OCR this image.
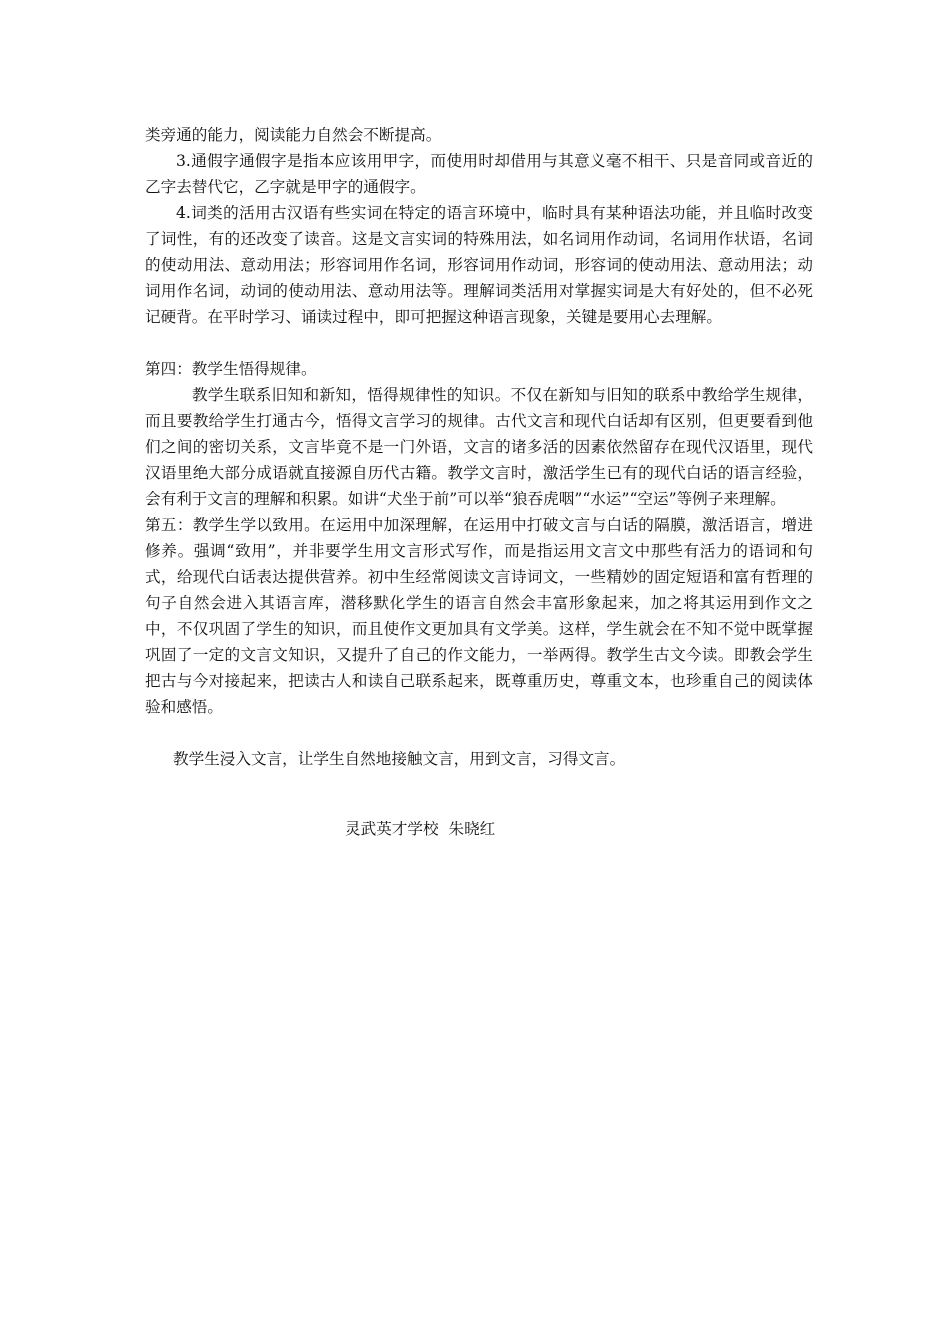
类旁通的能力，阅读能力自然会不断提高。

3.通假字通假字是指本应该用甲字，而使用时却借用与其意义毫不相干、只是音同或音近的乙字去替代它，乙字就是甲字的通假字。

4.词类的活用古汉语有些实词在特定的语言环境中，临时具有某种语法功能，并且临时改变了词性，有的还改变了读音。这是文言实词的特殊用法，如名词用作动词，名词用作状语，名词的使动用法、意动用法；形容词用作名词，形容词用作动词，形容词的使动用法、意动用法；动词用作名词，动词的使动用法、意动用法等。理解词类活用对掌握实词是大有好处的，但不必死记硬背。在平时学习、诵读过程中，即可把握这种语言现象，关键是要用心去理解。

第四：教学生悟得规律。

教学生联系旧知和新知，悟得规律性的知识。不仅在新知与旧知的联系中教给学生规律，而且要教给学生打通古今，悟得文言学习的规律。古代文言和现代白话却有区别，但更要看到他们之间的密切关系，文言毕竟不是一门外语，文言的诸多活的因素依然留存在现代汉语里，现代汉语里绝大部分成语就直接源自历代古籍。教学文言时，激活学生已有的现代白话的语言经验，会有利于文言的理解和积累。如讲“犬坐于前”可以举“狼吞虎咽”“水运”“空运”等例子来理解。

第五：教学生学以致用。在运用中加深理解，在运用中打破文言与白话的隔膜，激活语言，增进修养。强调“致用”，并非要学生用文言形式写作，而是指运用文言文中那些有活力的语词和句式，给现代白话表达提供营养。初中生经常阅读文言诗词文，一些精妙的固定短语和富有哲理的句子自然会进入其语言库，潜移默化学生的语言自然会丰富形象起来，加之将其运用到作文之中，不仅巩固了学生的知识，而且使作文更加具有文学美。这样，学生就会在不知不觉中既掌握巩固了一定的文言文知识，又提升了自己的作文能力，一举两得。教学生古文今读。即教会学生把古与今对接起来，把读古人和读自己联系起来，既尊重历史，尊重文本，也珍重自己的阅读体验和感悟。

教学生浸入文言，让学生自然地接触文言，用到文言，习得文言。

灵武英才学校  朱晓红
